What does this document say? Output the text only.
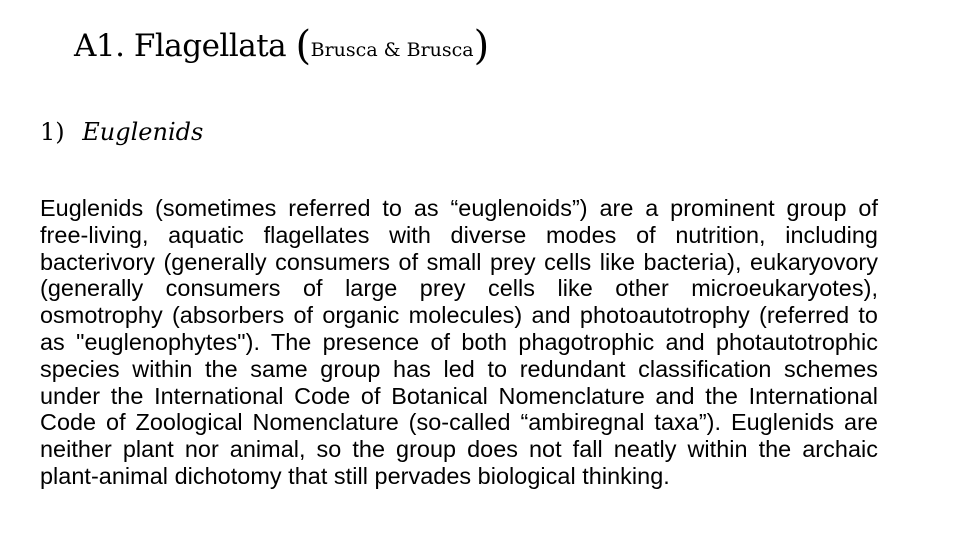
A1. Flagellata (Brusca & Brusca)
1) Euglenids
Euglenids (sometimes referred to as “euglenoids”) are a prominent group of free-living, aquatic flagellates with diverse modes of nutrition, including bacterivory (generally consumers of small prey cells like bacteria), eukaryovory (generally consumers of large prey cells like other microeukaryotes), osmotrophy (absorbers of organic molecules) and photoautotrophy (referred to as "euglenophytes"). The presence of both phagotrophic and photautotrophic species within the same group has led to redundant classification schemes under the International Code of Botanical Nomenclature and the International Code of Zoological Nomenclature (so-called “ambiregnal taxa”). Euglenids are neither plant nor animal, so the group does not fall neatly within the archaic plant-animal dichotomy that still pervades biological thinking.
